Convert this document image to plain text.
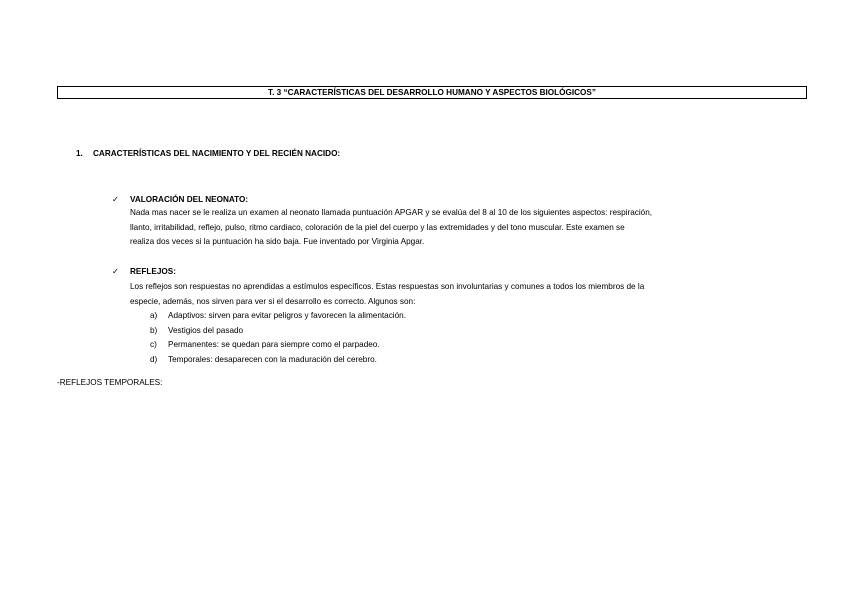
T. 3 “CARACTERÍSTICAS DEL DESARROLLO HUMANO Y ASPECTOS BIOLÓGICOS”
1. CARACTERÍSTICAS DEL NACIMIENTO Y DEL RECIÉN NACIDO:
✓ VALORACIÓN DEL NEONATO:
Nada mas nacer se le realiza un examen al neonato llamada puntuación APGAR y se evalúa del 8 al 10 de los siguientes aspectos: respiración,
llanto, irritabilidad, reflejo, pulso, ritmo cardiaco, coloración de la piel del cuerpo y las extremidades y del tono muscular. Este examen se
realiza dos veces si la puntuación ha sido baja. Fue inventado por Virginia Apgar.
✓ REFLEJOS:
Los reflejos son respuestas no aprendidas a estímulos específicos. Estas respuestas son involuntarias y comunes a todos los miembros de la
especie, además, nos sirven para ver si el desarrollo es correcto. Algunos son:
a) Adaptivos: sirven para evitar peligros y favorecen la alimentación.
b) Vestigios del pasado
c) Permanentes: se quedan para siempre como el parpadeo.
d) Temporales: desaparecen con la maduración del cerebro.
-REFLEJOS TEMPORALES:
